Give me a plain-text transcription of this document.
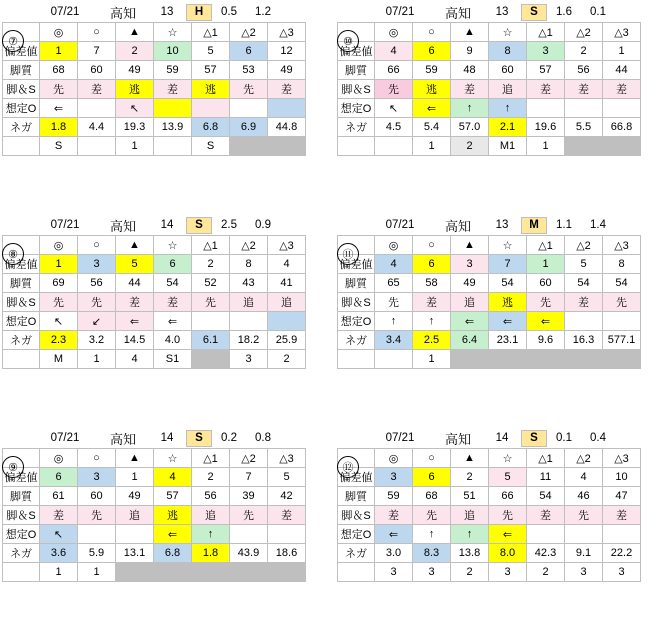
⑦
07/21	高知	13	H	0.5	1.2
	◎	○	▲	☆	△1	△2	△3
偏差値	1	7	2	10	5	6	12
脚質	68	60	49	59	57	53	49
脚＆S	先	差	逃	差	逃	先	差
想定O	⇐		↖				
ネガ	1.8	4.4	19.3	13.9	6.8	6.9	44.8
	S		1		S		
⑩
07/21	高知	13	S	1.6	0.1
	◎	○	▲	☆	△1	△2	△3
偏差値	4	6	9	8	3	2	1
脚質	66	59	48	60	57	56	44
脚＆S	先	逃	差	追	差	差	差
想定O	↖	⇐	↑	↑			
ネガ	4.5	5.4	57.0	2.1	19.6	5.5	66.8
		1	2	M1	1		
⑧
07/21	高知	14	S	2.5	0.9
	◎	○	▲	☆	△1	△2	△3
偏差値	1	3	5	6	2	8	4
脚質	69	56	44	54	52	43	41
脚＆S	先	先	差	差	先	追	追
想定O	↖	↙	⇐	⇐			
ネガ	2.3	3.2	14.5	4.0	6.1	18.2	25.9
	M	1	4	S1		3	2
⑪
07/21	高知	13	M	1.1	1.4
	◎	○	▲	☆	△1	△2	△3
偏差値	4	6	3	7	1	5	8
脚質	65	58	49	54	60	54	54
脚＆S	先	差	追	逃	先	差	先
想定O	↑	↑	⇐	⇐	⇐		
ネガ	3.4	2.5	6.4	23.1	9.6	16.3	577.1
		1					
⑨
07/21	高知	14	S	0.2	0.8
	◎	○	▲	☆	△1	△2	△3
偏差値	6	3	1	4	2	7	5
脚質	61	60	49	57	56	39	42
脚＆S	差	先	追	逃	追	先	差
想定O	↖			⇐	↑		
ネガ	3.6	5.9	13.1	6.8	1.8	43.9	18.6
	1	1					
⑫
07/21	高知	14	S	0.1	0.4
	◎	○	▲	☆	△1	△2	△3
偏差値	3	6	2	5	11	4	10
脚質	59	68	51	66	54	46	47
脚＆S	差	先	追	先	差	先	差
想定O	⇐	↑	↑	⇐			
ネガ	3.0	8.3	13.8	8.0	42.3	9.1	22.2
	3	3	2	3	2	3	3
